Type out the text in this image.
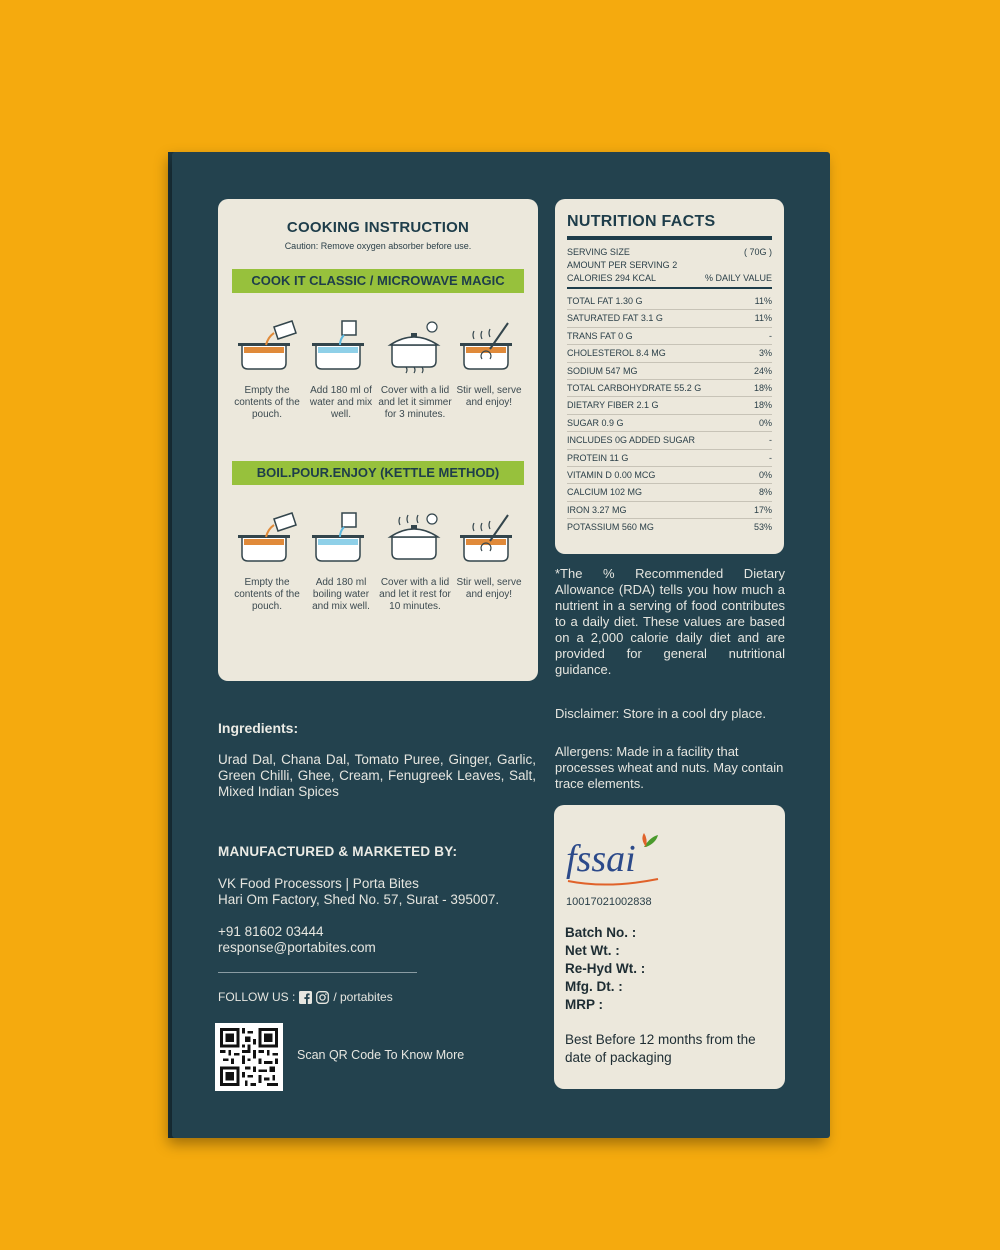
COOKING INSTRUCTION
Caution: Remove oxygen absorber before use.
COOK IT CLASSIC / MICROWAVE MAGIC
Empty the contents of the pouch.
Add 180 ml of water and mix well.
Cover with a lid and let it simmer for 3 minutes.
Stir well, serve and enjoy!
BOIL.POUR.ENJOY (KETTLE METHOD)
Empty the contents of the pouch.
Add 180 ml boiling water and mix well.
Cover with a lid and let it rest for 10 minutes.
Stir well, serve and enjoy!
NUTRITION FACTS
SERVING SIZE	( 70G )
AMOUNT PER SERVING 2
CALORIES 294 KCAL	% DAILY VALUE
TOTAL FAT 1.30 G	11%
SATURATED FAT 3.1 G	11%
TRANS FAT 0 G	-
CHOLESTEROL 8.4 MG	3%
SODIUM 547 MG	24%
TOTAL CARBOHYDRATE 55.2 G	18%
DIETARY FIBER 2.1 G	18%
SUGAR 0.9 G	0%
INCLUDES 0G ADDED SUGAR	-
PROTEIN 11 G	-
VITAMIN D 0.00 MCG	0%
CALCIUM 102 MG	8%
IRON 3.27 MG	17%
POTASSIUM 560 MG	53%
*The % Recommended Dietary Allowance (RDA) tells you how much a nutrient in a serving of food contributes to a daily diet. These values are based on a 2,000 calorie daily diet and are provided for general nutritional guidance.
Disclaimer: Store in a cool dry place.
Allergens: Made in a facility that processes wheat and nuts. May contain trace elements.
Ingredients:
Urad Dal, Chana Dal, Tomato Puree, Ginger, Garlic, Green Chilli, Ghee, Cream, Fenugreek Leaves, Salt, Mixed Indian Spices
MANUFACTURED & MARKETED BY:
VK Food Processors | Porta Bites
Hari Om Factory, Shed No. 57, Surat - 395007.
+91 81602 03444
response@portabites.com
FOLLOW US :	/ portabites
Scan QR Code To Know More
fssai
10017021002838
Batch No. :
Net Wt. :
Re-Hyd Wt. :
Mfg. Dt. :
MRP :
Best Before 12 months from the date of packaging
